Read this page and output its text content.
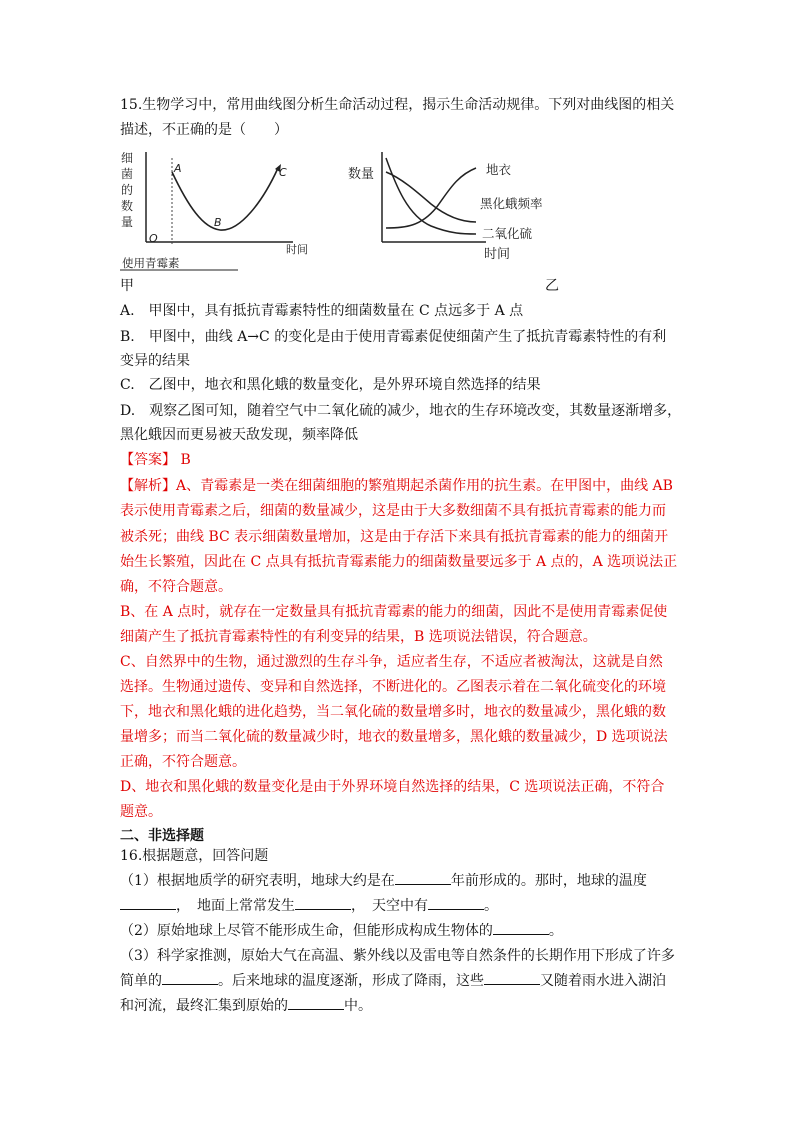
15.生物学习中，常用曲线图分析生命活动过程，揭示生命活动规律。下列对曲线图的相关
描述，不正确的是（　　）
细
菌
的
数
量
A
B
C
O
时间
使用青霉素
数量	地衣
黑化蛾频率
二氧化硫
时间
甲	乙
A.　甲图中，具有抵抗青霉素特性的细菌数量在 C 点远多于 A 点
B.　甲图中，曲线 A→C 的变化是由于使用青霉素促使细菌产生了抵抗青霉素特性的有利
变异的结果
C.　乙图中，地衣和黑化蛾的数量变化，是外界环境自然选择的结果
D.　观察乙图可知，随着空气中二氧化硫的减少，地衣的生存环境改变，其数量逐渐增多，
黑化蛾因而更易被天敌发现，频率降低
【答案】 B
【解析】A、青霉素是一类在细菌细胞的繁殖期起杀菌作用的抗生素。在甲图中，曲线 AB
表示使用青霉素之后，细菌的数量减少，这是由于大多数细菌不具有抵抗青霉素的能力而
被杀死；曲线 BC 表示细菌数量增加，这是由于存活下来具有抵抗青霉素的能力的细菌开
始生长繁殖，因此在 C 点具有抵抗青霉素能力的细菌数量要远多于 A 点的，A 选项说法正
确，不符合题意。
B、在 A 点时，就存在一定数量具有抵抗青霉素的能力的细菌，因此不是使用青霉素促使
细菌产生了抵抗青霉素特性的有利变异的结果，B 选项说法错误，符合题意。
C、自然界中的生物，通过激烈的生存斗争，适应者生存，不适应者被淘汰，这就是自然
选择。生物通过遗传、变异和自然选择，不断进化的。乙图表示着在二氧化硫变化的环境
下，地衣和黑化蛾的进化趋势，当二氧化硫的数量增多时，地衣的数量减少，黑化蛾的数
量增多；而当二氧化硫的数量减少时，地衣的数量增多，黑化蛾的数量减少，D 选项说法
正确，不符合题意。
D、地衣和黑化蛾的数量变化是由于外界环境自然选择的结果，C 选项说法正确，不符合
题意。
二、非选择题
16.根据题意，回答问题
（1）根据地质学的研究表明，地球大约是在	年前形成的。那时，地球的温度
，　地面上常常发生	，　天空中有	。
（2）原始地球上尽管不能形成生命，但能形成构成生物体的	。
（3）科学家推测，原始大气在高温、紫外线以及雷电等自然条件的长期作用下形成了许多
简单的	。后来地球的温度逐渐，形成了降雨，这些	又随着雨水进入湖泊
和河流，最终汇集到原始的	中。
